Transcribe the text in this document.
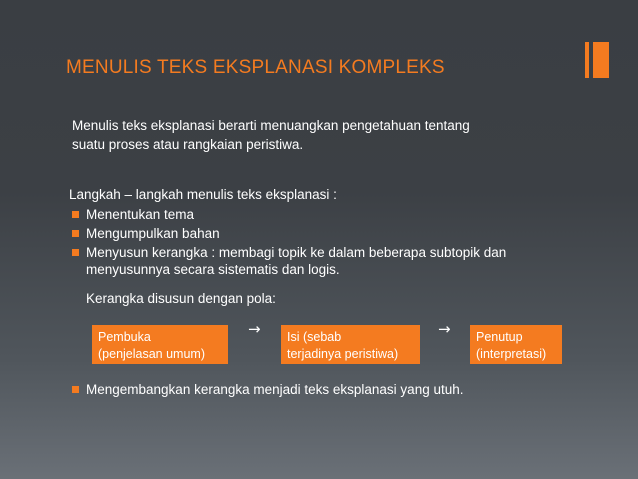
MENULIS TEKS EKSPLANASI KOMPLEKS
Menulis teks eksplanasi berarti menuangkan pengetahuan tentang
suatu proses atau rangkaian peristiwa.
Langkah – langkah menulis teks eksplanasi :
Menentukan tema
Mengumpulkan bahan
Menyusun kerangka : membagi topik ke dalam beberapa subtopik dan
menyusunnya secara sistematis dan logis.
Kerangka disusun dengan pola:
Pembuka
(penjelasan umum)
→ Isi (sebab
terjadinya peristiwa)
→ Penutup
(interpretasi)
Mengembangkan kerangka menjadi teks eksplanasi yang utuh.
